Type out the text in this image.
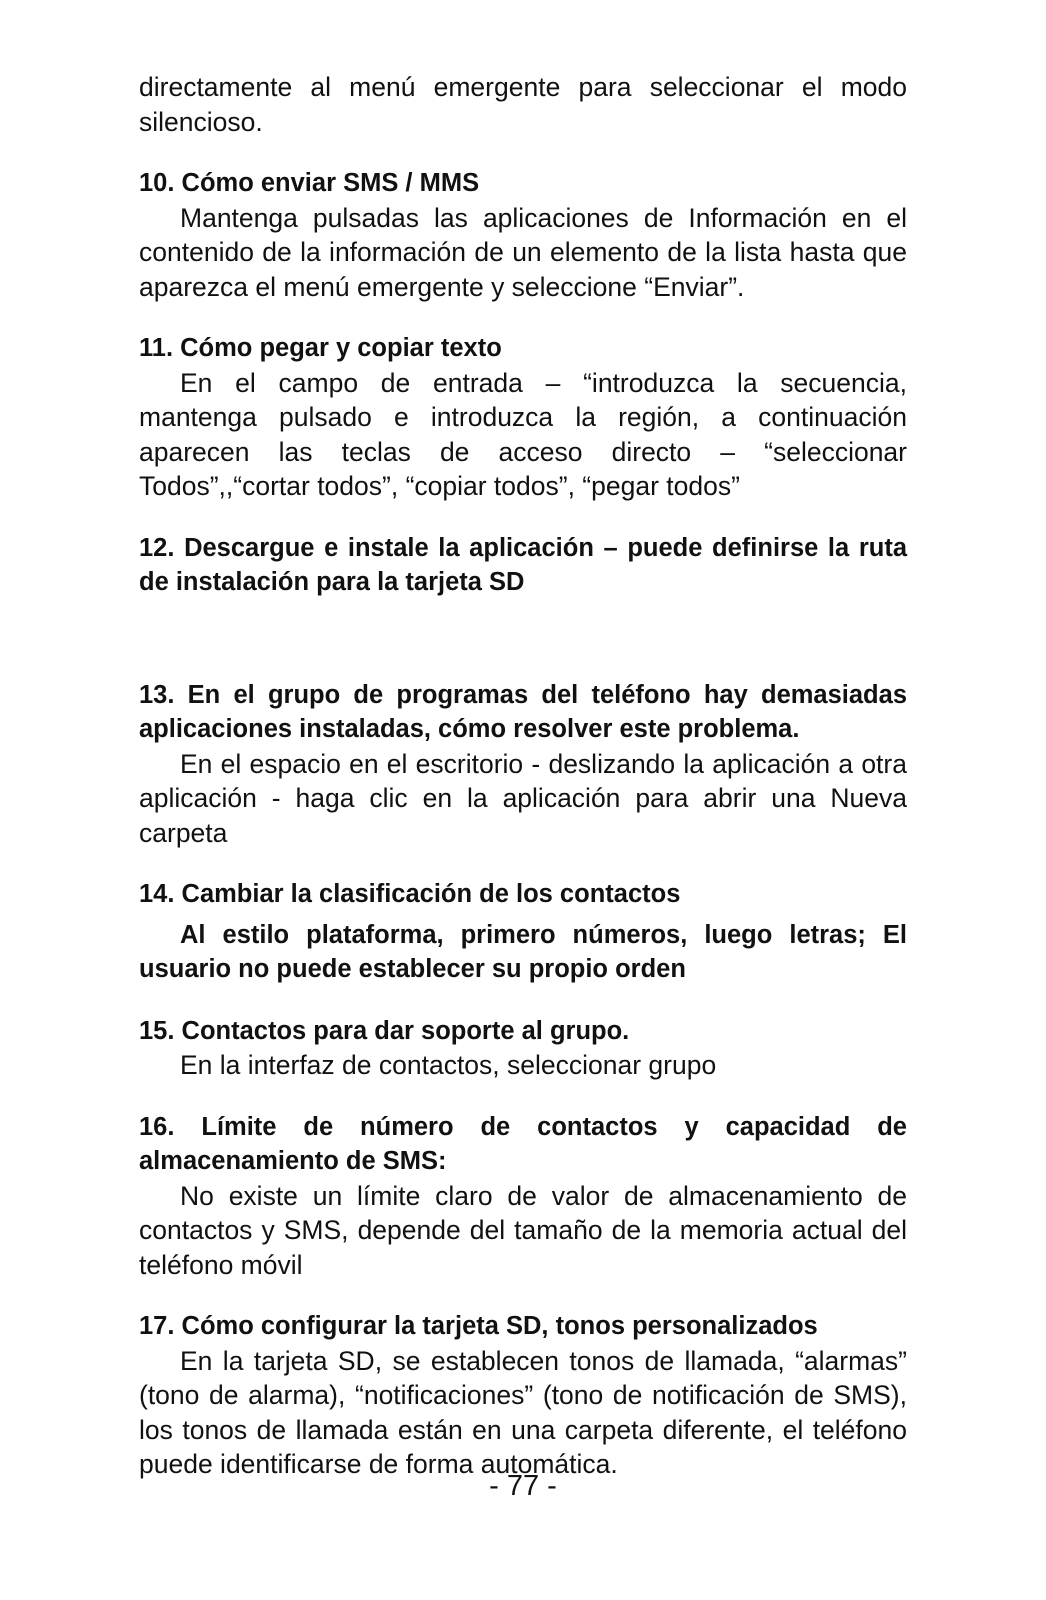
directamente al menú emergente para seleccionar el modo silencioso.

10. Cómo enviar SMS / MMS

Mantenga pulsadas las aplicaciones de Información en el contenido de la información de un elemento de la lista hasta que aparezca el menú emergente y seleccione “Enviar”.

11. Cómo pegar y copiar texto

En el campo de entrada – “introduzca la secuencia, mantenga pulsado e introduzca la región, a continuación aparecen las teclas de acceso directo – “seleccionar Todos”,,“cortar todos”, “copiar todos”, “pegar todos”

12. Descargue e instale la aplicación – puede definirse la ruta de instalación para la tarjeta SD

13. En el grupo de programas del teléfono hay demasiadas aplicaciones instaladas, cómo resolver este problema.

En el espacio en el escritorio - deslizando la aplicación a otra aplicación - haga clic en la aplicación para abrir una Nueva carpeta

14. Cambiar la clasificación de los contactos

Al estilo plataforma, primero números, luego letras; El usuario no puede establecer su propio orden

15. Contactos para dar soporte al grupo.

En la interfaz de contactos, seleccionar grupo

16. Límite de número de contactos y capacidad de almacenamiento de SMS:

No existe un límite claro de valor de almacenamiento de contactos y SMS, depende del tamaño de la memoria actual del teléfono móvil

17. Cómo configurar la tarjeta SD, tonos personalizados

En la tarjeta SD, se establecen tonos de llamada, “alarmas” (tono de alarma), “notificaciones” (tono de notificación de SMS), los tonos de llamada están en una carpeta diferente, el teléfono puede identificarse de forma automática.

- 77 -
